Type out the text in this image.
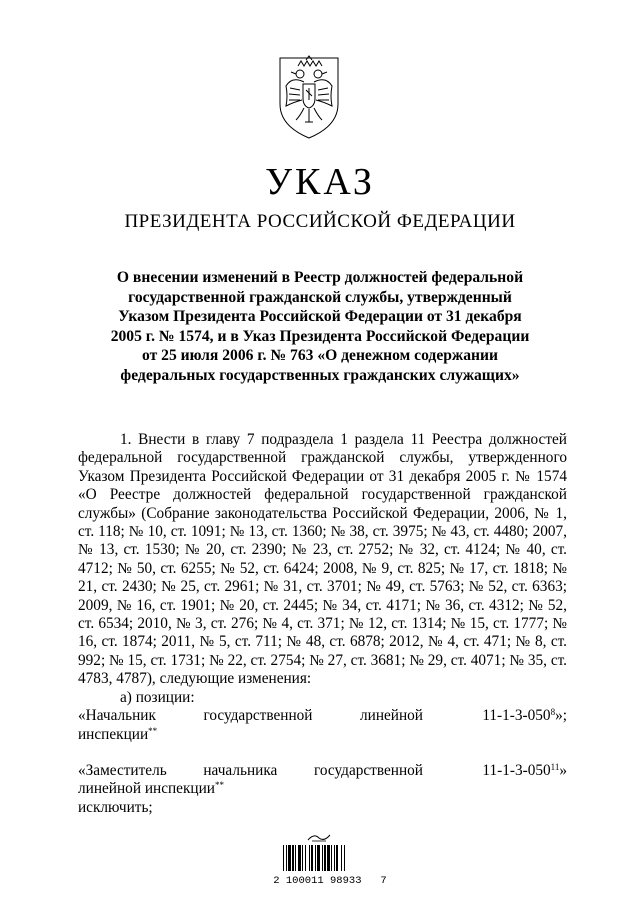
УКАЗ
ПРЕЗИДЕНТА РОССИЙСКОЙ ФЕДЕРАЦИИ
О внесении изменений в Реестр должностей федеральной государственной гражданской службы, утвержденный Указом Президента Российской Федерации от 31 декабря 2005 г. № 1574, и в Указ Президента Российской Федерации от 25 июля 2006 г. № 763 «О денежном содержании федеральных государственных гражданских служащих»

1. Внести в главу 7 подраздела 1 раздела 11 Реестра должностей федеральной государственной гражданской службы, утвержденного Указом Президента Российской Федерации от 31 декабря 2005 г. № 1574 «О Реестре должностей федеральной государственной гражданской службы» (Собрание законодательства Российской Федерации, 2006, № 1, ст. 118; № 10, ст. 1091; № 13, ст. 1360; № 38, ст. 3975; № 43, ст. 4480; 2007, № 13, ст. 1530; № 20, ст. 2390; № 23, ст. 2752; № 32, ст. 4124; № 40, ст. 4712; № 50, ст. 6255; № 52, ст. 6424; 2008, № 9, ст. 825; № 17, ст. 1818; № 21, ст. 2430; № 25, ст. 2961; № 31, ст. 3701; № 49, ст. 5763; № 52, ст. 6363; 2009, № 16, ст. 1901; № 20, ст. 2445; № 34, ст. 4171; № 36, ст. 4312; № 52, ст. 6534; 2010, № 3, ст. 276; № 4, ст. 371; № 12, ст. 1314; № 15, ст. 1777; № 16, ст. 1874; 2011, № 5, ст. 711; № 48, ст. 6878; 2012, № 4, ст. 471; № 8, ст. 992; № 15, ст. 1731; № 22, ст. 2754; № 27, ст. 3681; № 29, ст. 4071; № 35, ст. 4783, 4787), следующие изменения:

а) позиции:

«Начальник государственной линейной	$11-1-3-050^8$»;
инспекции**
«Заместитель начальника государственной	$11-1-3-050^{11}$»
линейной инспекции**

исключить;

2 100011 98933   7
